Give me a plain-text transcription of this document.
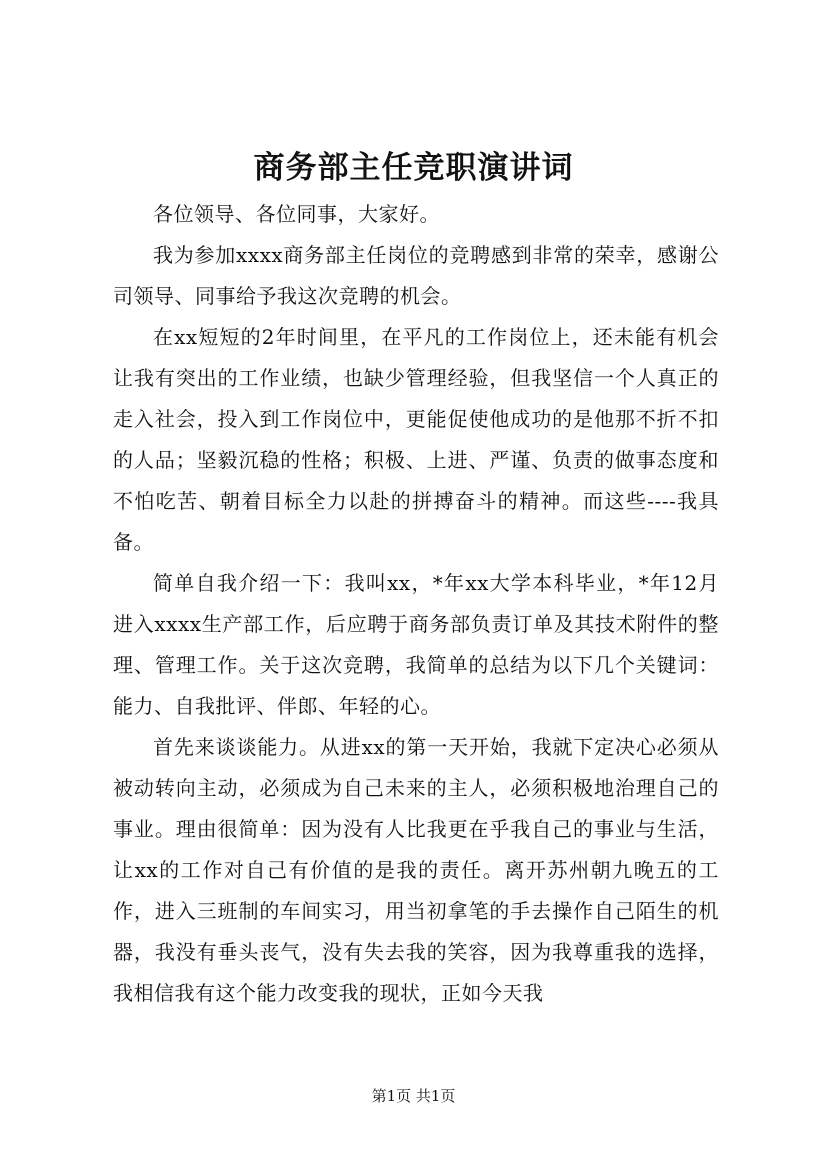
商务部主任竞职演讲词

各位领导、各位同事，大家好。

我为参加xxxx商务部主任岗位的竞聘感到非常的荣幸，感谢公司领导、同事给予我这次竞聘的机会。

在xx短短的2年时间里，在平凡的工作岗位上，还未能有机会让我有突出的工作业绩，也缺少管理经验，但我坚信一个人真正的走入社会，投入到工作岗位中，更能促使他成功的是他那不折不扣的人品；坚毅沉稳的性格；积极、上进、严谨、负责的做事态度和不怕吃苦、朝着目标全力以赴的拼搏奋斗的精神。而这些----我具备。

简单自我介绍一下：我叫xx，*年xx大学本科毕业，*年12月进入xxxx生产部工作，后应聘于商务部负责订单及其技术附件的整理、管理工作。关于这次竞聘，我简单的总结为以下几个关键词：能力、自我批评、伴郎、年轻的心。

首先来谈谈能力。从进xx的第一天开始，我就下定决心必须从被动转向主动，必须成为自己未来的主人，必须积极地治理自己的事业。理由很简单：因为没有人比我更在乎我自己的事业与生活，让xx的工作对自己有价值的是我的责任。离开苏州朝九晚五的工作，进入三班制的车间实习，用当初拿笔的手去操作自己陌生的机器，我没有垂头丧气，没有失去我的笑容，因为我尊重我的选择，我相信我有这个能力改变我的现状，正如今天我

第1页 共1页
